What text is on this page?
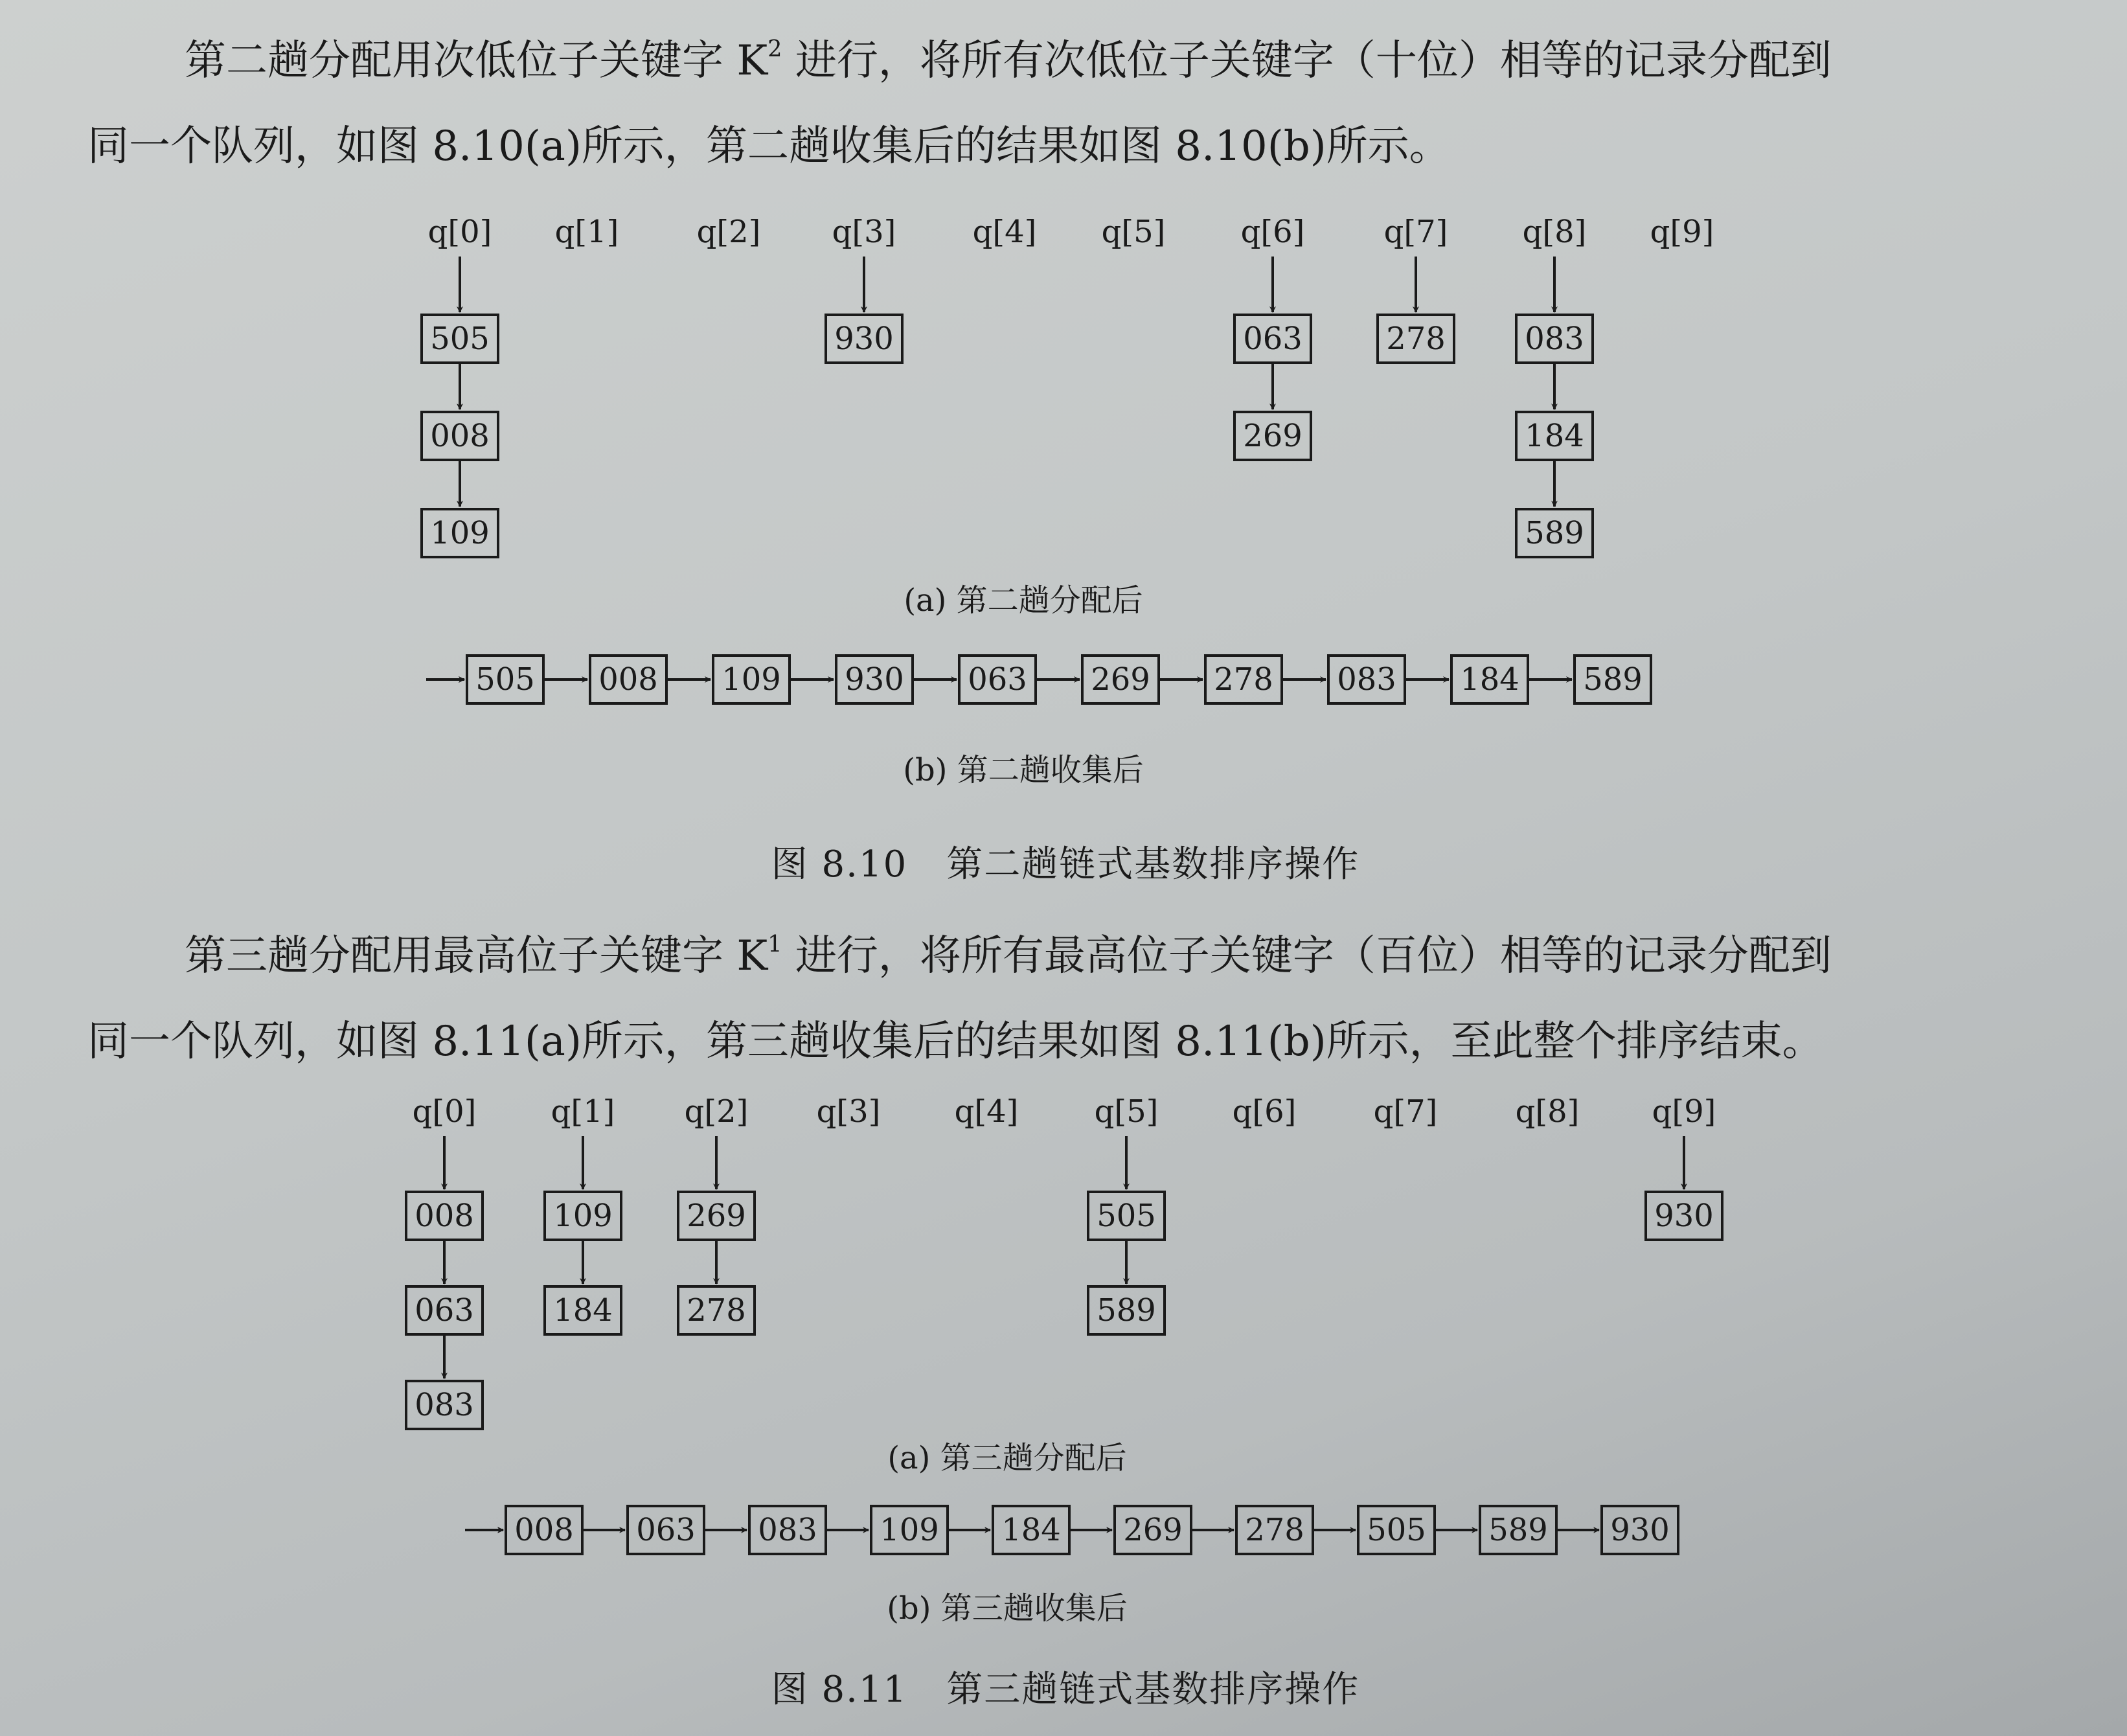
第二趟分配用次低位子关键字 $K^2$ 进行，将所有次低位子关键字（十位）相等的记录分配到
同一个队列，如图 8.10(a)所示，第二趟收集后的结果如图 8.10(b)所示。

q[0]
505
008
109
q[1]	q[2] q[3]
930
q[4] q[5] q[6]
063
269
q[7]
278
q[8]
083
184
589
q[9]
505	008	109	930	063	269	278	083	184	589
(a) 第二趟分配后
(b) 第二趟收集后
图 8.10 第二趟链式基数排序操作

第三趟分配用最高位子关键字 $K^1$ 进行，将所有最高位子关键字（百位）相等的记录分配到
同一个队列，如图 8.11(a)所示，第三趟收集后的结果如图 8.11(b)所示，至此整个排序结束。

q[0]
008
063
083
q[1]
109
184
q[2]
269
278
q[3] q[4] q[5]
505
589
q[6] q[7]	q[8] q[9]
930
008	063	083	109	184	269	278	505	589	930
(a) 第三趟分配后
(b) 第三趟收集后
图 8.11 第三趟链式基数排序操作
